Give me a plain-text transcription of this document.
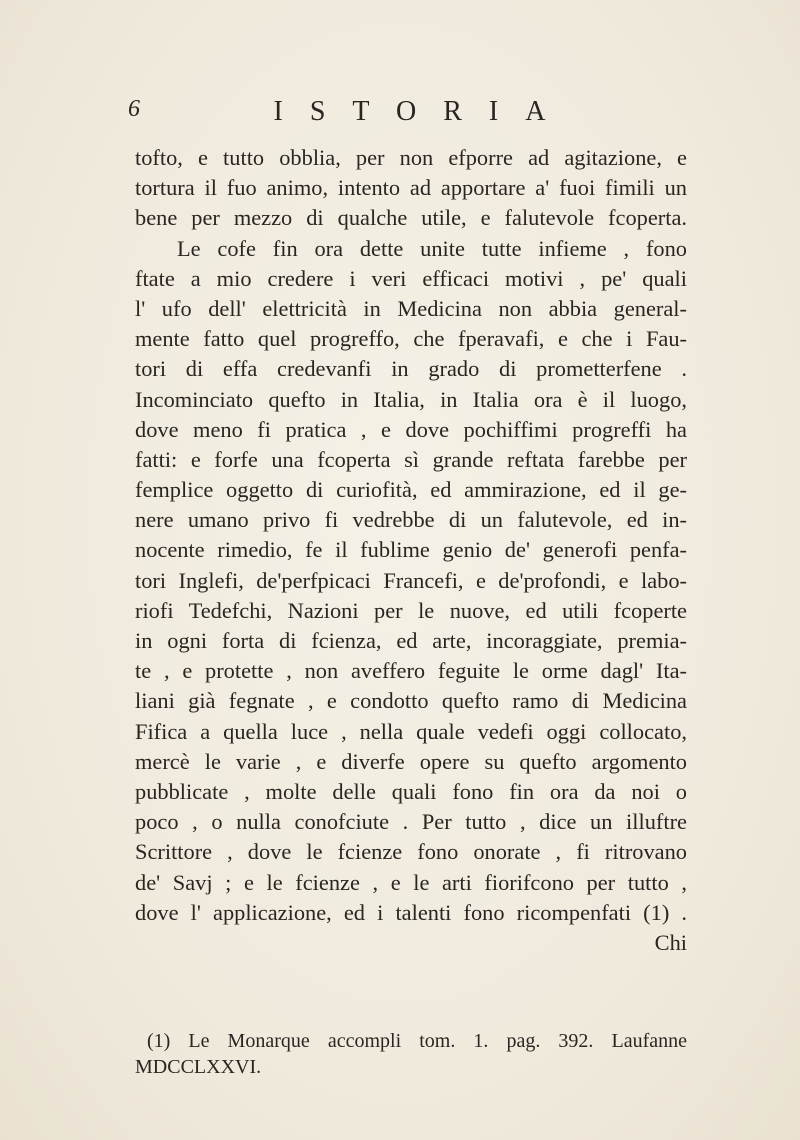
6	ISTORIA
tofto, e tutto obblia, per non efporre ad agitazione, e
tortura il fuo animo, intento ad apportare a' fuoi fimili un
bene per mezzo di qualche utile, e falutevole fcoperta.
Le cofe fin ora dette unite tutte infieme , fono
ftate a mio credere i veri efficaci motivi , pe' quali
l' ufo dell' elettricità in Medicina non abbia general-
mente fatto quel progreffo, che fperavafi, e che i Fau-
tori di effa credevanfi in grado di prometterfene .
Incominciato quefto in Italia, in Italia ora è il luogo,
dove meno fi pratica , e dove pochiffimi progreffi ha
fatti: e forfe una fcoperta sì grande reftata farebbe per
femplice oggetto di curiofità, ed ammirazione, ed il ge-
nere umano privo fi vedrebbe di un falutevole, ed in-
nocente rimedio, fe il fublime genio de' generofi penfa-
tori Inglefi, de'perfpicaci Francefi, e de'profondi, e labo-
riofi Tedefchi, Nazioni per le nuove, ed utili fcoperte
in ogni forta di fcienza, ed arte, incoraggiate, premia-
te , e protette , non aveffero feguite le orme dagl' Ita-
liani già fegnate , e condotto quefto ramo di Medicina
Fifica a quella luce , nella quale vedefi oggi collocato,
mercè le varie , e diverfe opere su quefto argomento
pubblicate , molte delle quali fono fin ora da noi o
poco , o nulla conofciute . Per tutto , dice un illuftre
Scrittore , dove le fcienze fono onorate , fi ritrovano
de' Savj ; e le fcienze , e le arti fiorifcono per tutto ,
dove l' applicazione, ed i talenti fono ricompenfati (1) .
Chi
(1) Le Monarque accompli tom. 1. pag. 392. Laufanne
MDCCLXXVI.
